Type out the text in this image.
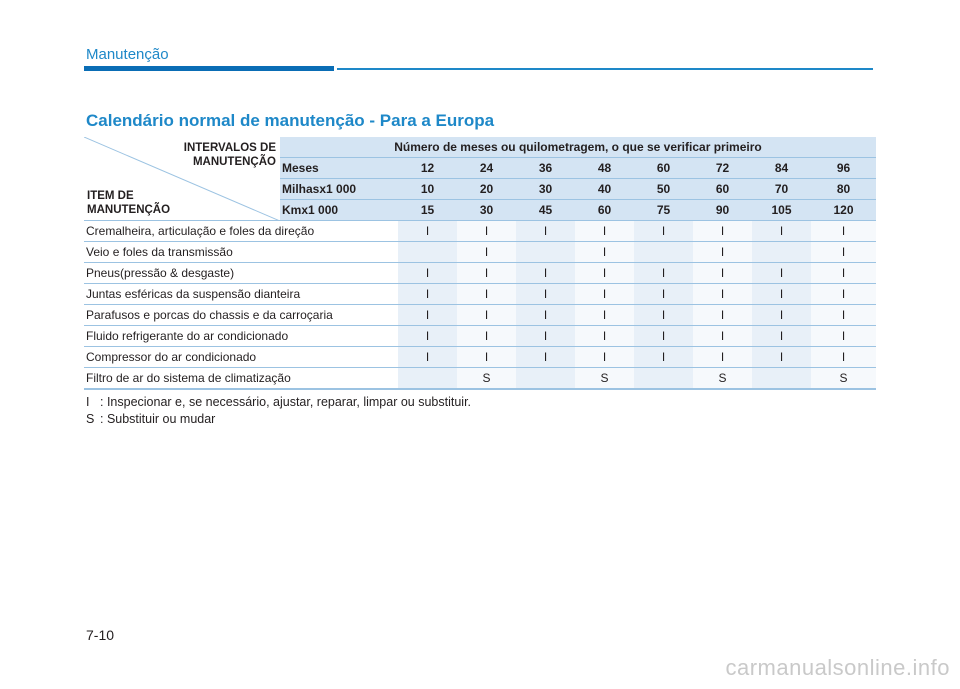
Manutenção
Calendário normal de manutenção - Para a Europa
INTERVALOS DE
MANUTENÇÃO
ITEM DE
MANUTENÇÃO	Número de meses ou quilometragem, o que se verificar primeiro								
	Meses	12	24	36	48	60	72	84	96
	Milhasx1 000	10	20	30	40	50	60	70	80
	Kmx1 000	15	30	45	60	75	90	105	120
Cremalheira, articulação e foles da direção		I	I	I	I	I	I	I	I
Veio e foles da transmissão			I		I		I		I
Pneus(pressão & desgaste)		I	I	I	I	I	I	I	I
Juntas esféricas da suspensão dianteira		I	I	I	I	I	I	I	I
Parafusos e porcas do chassis e da carroçaria		I	I	I	I	I	I	I	I
Fluido refrigerante do ar condicionado		I	I	I	I	I	I	I	I
Compressor do ar condicionado		I	I	I	I	I	I	I	I
Filtro de ar do sistema de climatização			S		S		S		S
I : Inspecionar e, se necessário, ajustar, reparar, limpar ou substituir.
S : Substituir ou mudar
7-10
carmanualsonline.info
